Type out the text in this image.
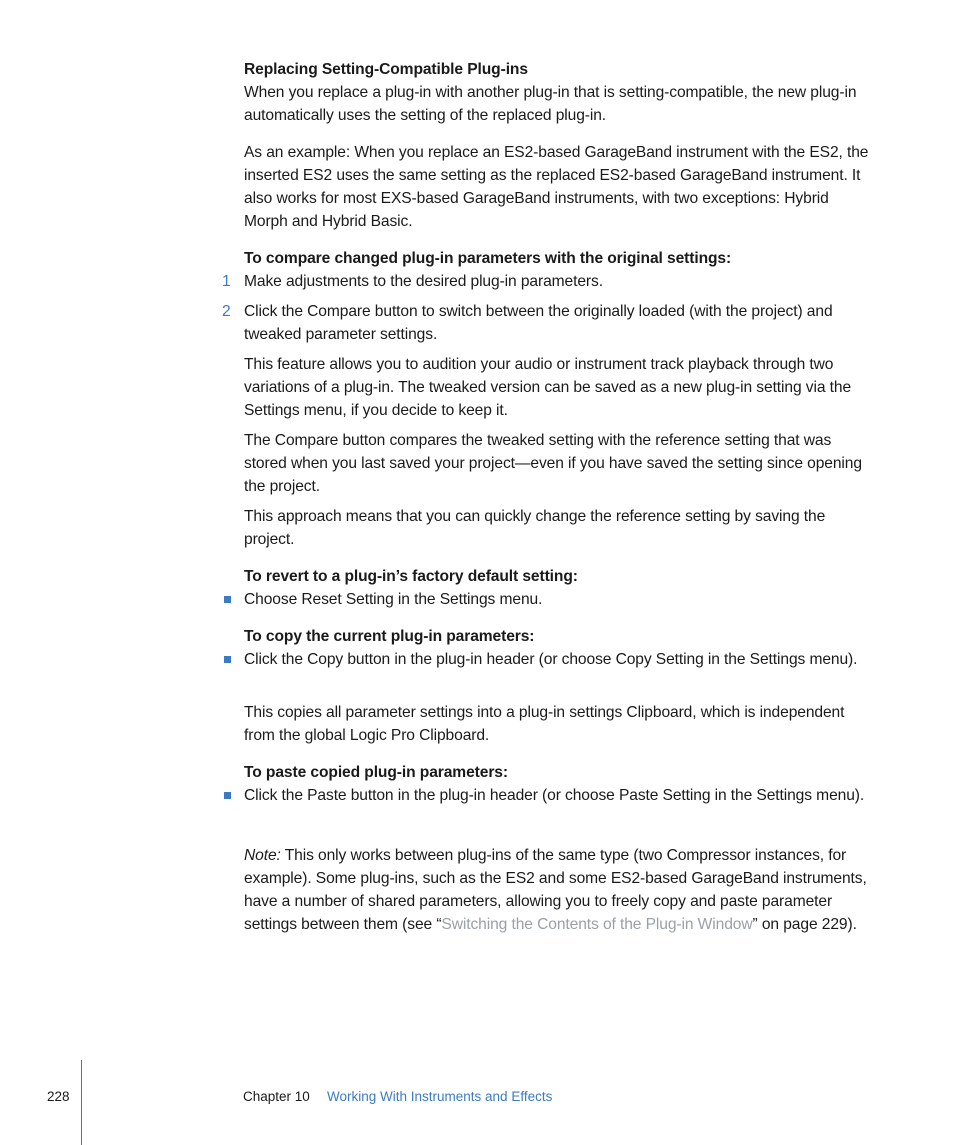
Replacing Setting-Compatible Plug-ins
When you replace a plug-in with another plug-in that is setting-compatible, the new plug-in automatically uses the setting of the replaced plug-in.
As an example: When you replace an ES2-based GarageBand instrument with the ES2, the inserted ES2 uses the same setting as the replaced ES2-based GarageBand instrument. It also works for most EXS-based GarageBand instruments, with two exceptions: Hybrid Morph and Hybrid Basic.
To compare changed plug-in parameters with the original settings:
1 Make adjustments to the desired plug-in parameters.
2 Click the Compare button to switch between the originally loaded (with the project) and tweaked parameter settings.
This feature allows you to audition your audio or instrument track playback through two variations of a plug-in. The tweaked version can be saved as a new plug-in setting via the Settings menu, if you decide to keep it.
The Compare button compares the tweaked setting with the reference setting that was stored when you last saved your project—even if you have saved the setting since opening the project.
This approach means that you can quickly change the reference setting by saving the project.
To revert to a plug-in’s factory default setting:
Choose Reset Setting in the Settings menu.
To copy the current plug-in parameters:
Click the Copy button in the plug-in header (or choose Copy Setting in the Settings menu).
This copies all parameter settings into a plug-in settings Clipboard, which is independent from the global Logic Pro Clipboard.
To paste copied plug-in parameters:
Click the Paste button in the plug-in header (or choose Paste Setting in the Settings menu).
Note: This only works between plug-ins of the same type (two Compressor instances, for example). Some plug-ins, such as the ES2 and some ES2-based GarageBand instruments, have a number of shared parameters, allowing you to freely copy and paste parameter settings between them (see “Switching the Contents of the Plug-in Window” on page 229).
228	Chapter 10 Working With Instruments and Effects
